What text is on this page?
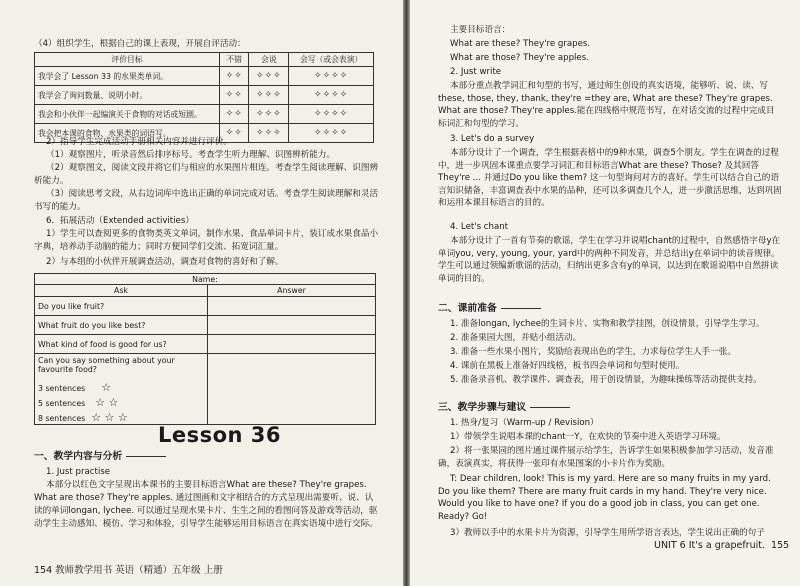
（4）组织学生，根据自己的课上表现，开展自评活动：
评价目标	不错	会说	会写（或会表演）
我学会了 Lesson 33 的水果类单词。	✧✧	✧✧✧	✧✧✧✧
我学会了询问数量、说明小时。	✧✧	✧✧✧	✧✧✧✧
我会和小伙伴一起编演关于食物的对话或短剧。	✧✧	✧✧✧	✧✧✧✧
我会把本课的食物、水果类的词语写。	✧✧	✧✧✧	✧✧✧✧
2）指导学生完成活动手册相关内容并进行评价。
（1）观察图片，听录音然后排序标号。考查学生听力理解、识图辨析能力。
（2）观察图文，阅读文段并将它们与相应的水果图片相连。考查学生阅读理解、识图辨析能力。
（3）阅读思考文段，从右边词库中选出正确的单词完成对话。考查学生阅读理解和灵活书写的能力。
6．拓展活动（Extended activities）
1）学生可以查阅更多的食物类英文单词，制作水果、食品单词卡片，装订成水果食品小字典，培养动手动脑的能力；同时方便同学们交流、拓宽词汇量。
2）与本组的小伙伴开展调查活动，调查对食物的喜好和了解。
Name:	
Ask	Answer
Do you like fruit?	
What fruit do you like best?	
What kind of food is good for us?	

Can you say something about your favourite food?
3 sentences ☆
5 sentences ☆ ☆
8 sentences ☆ ☆ ☆	

Lesson 36
一、教学内容与分析
1. Just practise
本部分以红色文字呈现出本课书的主要目标语言What are these? They're grapes. What are those? They're apples. 通过图画和文字相结合的方式呈现出需要听、说、认读的单词longan, lychee. 可以通过呈现水果卡片、生生之间的看图问答及游戏等活动，驱动学生主动感知、模仿、学习和体验，引导学生能够运用目标语言在真实语境中进行交际。
154 教师教学用书 英语（精通）五年级 上册
主要目标语言：
What are these? They're grapes.
What are those? They're apples.
2. Just write
本部分重点教学词汇和句型的书写，通过师生创设的真实语境，能够听、说、读、写these, those, they, thank, they're =they are, What are these? They're grapes. What are those? They're apples.能在四线格中规范书写，在对话交流的过程中完成目标词汇和句型的学习。
3. Let's do a survey
本部分设计了一个调查，学生根据表格中的9种水果，调查5个朋友。学生在调查的过程中，进一步巩固本课重点要学习词汇和目标语言What are these? Those? 及其回答They're ... 并通过Do you like them? 这一句型询问对方的喜好。学生可以结合自己的语言知识储备，丰富调查表中水果的品种，还可以多调查几个人，进一步激活思维，达到巩固和运用本课目标语言的目的。
4. Let's chant
本部分设计了一首有节奏的歌谣，学生在学习并说唱chant的过程中，自然感悟字母y在单词you, very, young, your, yard中的两种不同发音，并总结出y在单词中的读音规律。学生可以通过领编新歌谣的活动，归纳出更多含有y的单词，以达到在歌谣说唱中自然拼读单词的目的。
二、课前准备
1. 准备longan, lychee的生词卡片、实物和教学挂图，创设情景，引导学生学习。
2. 准备果园大图，并贴小组活动。
3. 准备一些水果小图片，奖励给表现出色的学生，力求每位学生人手一张。
4. 课前在黑板上准备好四线格，板书四会单词和句型时使用。
5. 准备录音机、教学课件、调查表，用于创设情景，为趣味操练等活动提供支持。
三、教学步骤与建议
1. 热身/复习（Warm-up / Revision）
1）带领学生说唱本课的chant一Y，在欢快的节奏中进入英语学习环境。
2）将一张果园的图片通过课件展示给学生，告诉学生如果积极参加学习活动，发音准确，表演真实，将获得一张印有水果图案的小卡片作为奖励。
T: Dear children, look! This is my yard. Here are so many fruits in my yard. Do you like them? There are many fruit cards in my hand. They're very nice. Would you like to have one? If you do a good job in class, you can get one. Ready? Go!
3）教师以手中的水果卡片为资源，引导学生用所学语言表达，学生说出正确的句子
UNIT 6 It's a grapefruit. 155
